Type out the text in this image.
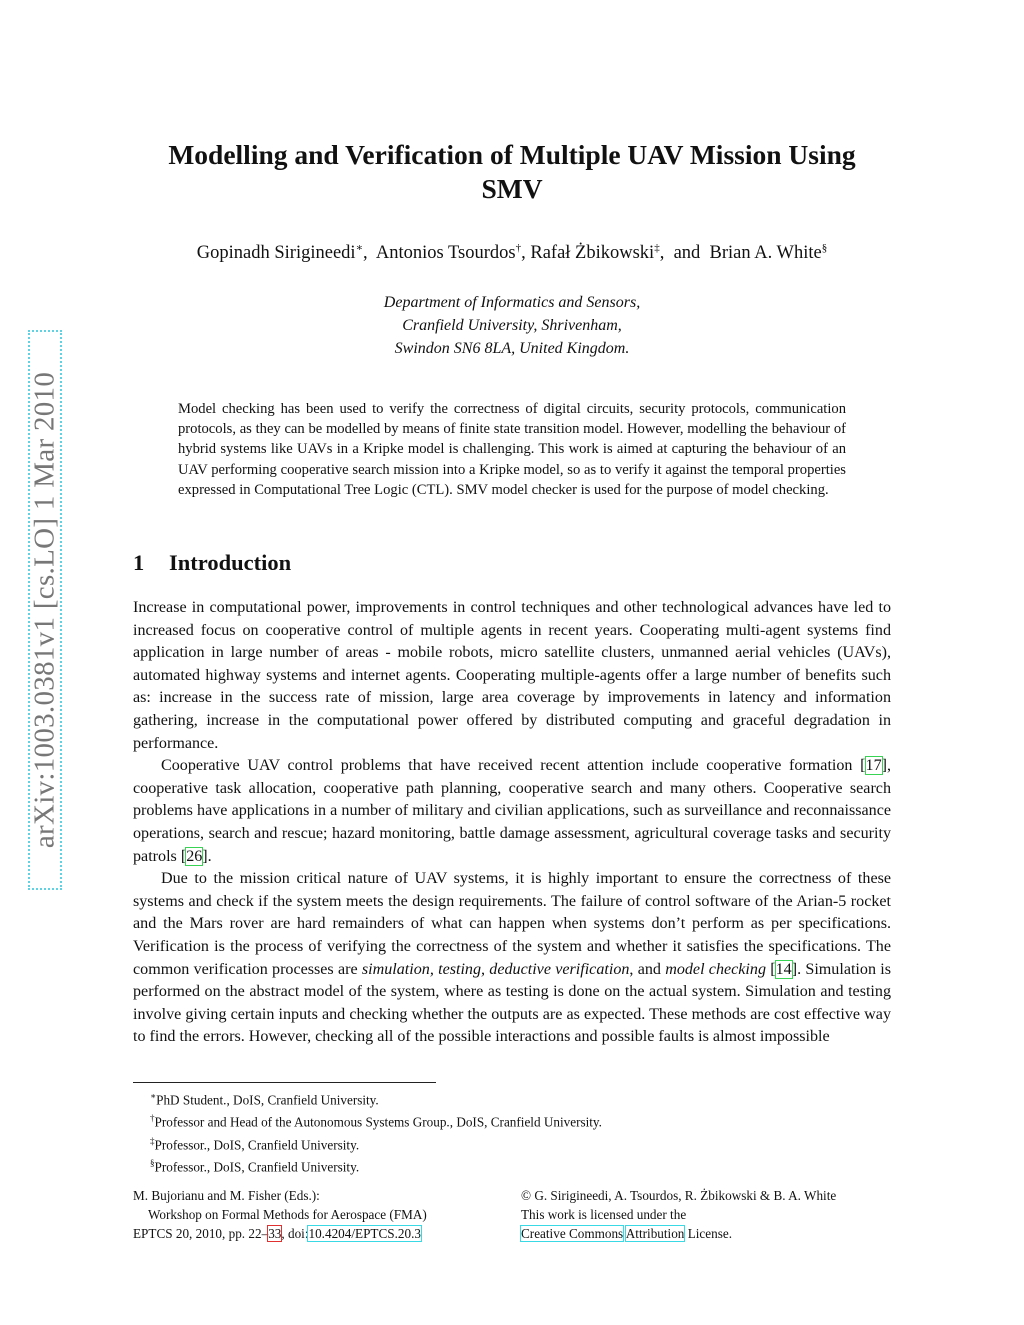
arXiv:1003.0381v1 [cs.LO] 1 Mar 2010
Modelling and Verification of Multiple UAV Mission Using
SMV
Gopinadh Sirigineedi∗,  Antonios Tsourdos†, Rafał Żbikowski‡,  and Brian A. White§
Department of Informatics and Sensors,
Cranfield University, Shrivenham,
Swindon SN6 8LA, United Kingdom.

Model checking has been used to verify the correctness of digital circuits, security protocols, communication protocols, as they can be modelled by means of finite state transition model. However, modelling the behaviour of hybrid systems like UAVs in a Kripke model is challenging. This work is aimed at capturing the behaviour of an UAV performing cooperative search mission into a Kripke model, so as to verify it against the temporal properties expressed in Computational Tree Logic (CTL). SMV model checker is used for the purpose of model checking.

1 Introduction

Increase in computational power, improvements in control techniques and other technological advances have led to increased focus on cooperative control of multiple agents in recent years. Cooperating multi-agent systems find application in large number of areas - mobile robots, micro satellite clusters, unmanned aerial vehicles (UAVs), automated highway systems and internet agents. Cooperating multiple-agents offer a large number of benefits such as: increase in the success rate of mission, large area coverage by improvements in latency and information gathering, increase in the computational power offered by distributed computing and graceful degradation in performance.

Cooperative UAV control problems that have received recent attention include cooperative formation [17], cooperative task allocation, cooperative path planning, cooperative search and many others. Cooperative search problems have applications in a number of military and civilian applications, such as surveillance and reconnaissance operations, search and rescue; hazard monitoring, battle damage assessment, agricultural coverage tasks and security patrols [26].

Due to the mission critical nature of UAV systems, it is highly important to ensure the correctness of these systems and check if the system meets the design requirements. The failure of control software of the Arian-5 rocket and the Mars rover are hard remainders of what can happen when systems don’t perform as per specifications. Verification is the process of verifying the correctness of the system and whether it satisfies the specifications. The common verification processes are simulation, testing, deductive verification, and model checking [14]. Simulation is performed on the abstract model of the system, where as testing is done on the actual system. Simulation and testing involve giving certain inputs and checking whether the outputs are as expected. These methods are cost effective way to find the errors. However, checking all of the possible interactions and possible faults is almost impossible

∗PhD Student., DoIS, Cranfield University.
†Professor and Head of the Autonomous Systems Group., DoIS, Cranfield University.
‡Professor., DoIS, Cranfield University.
§Professor., DoIS, Cranfield University.
M. Bujorianu and M. Fisher (Eds.):
Workshop on Formal Methods for Aerospace (FMA)
EPTCS 20, 2010, pp. 22–33, doi:10.4204/EPTCS.20.3
© G. Sirigineedi, A. Tsourdos, R. Żbikowski & B. A. White
This work is licensed under the
Creative Commons Attribution License.
